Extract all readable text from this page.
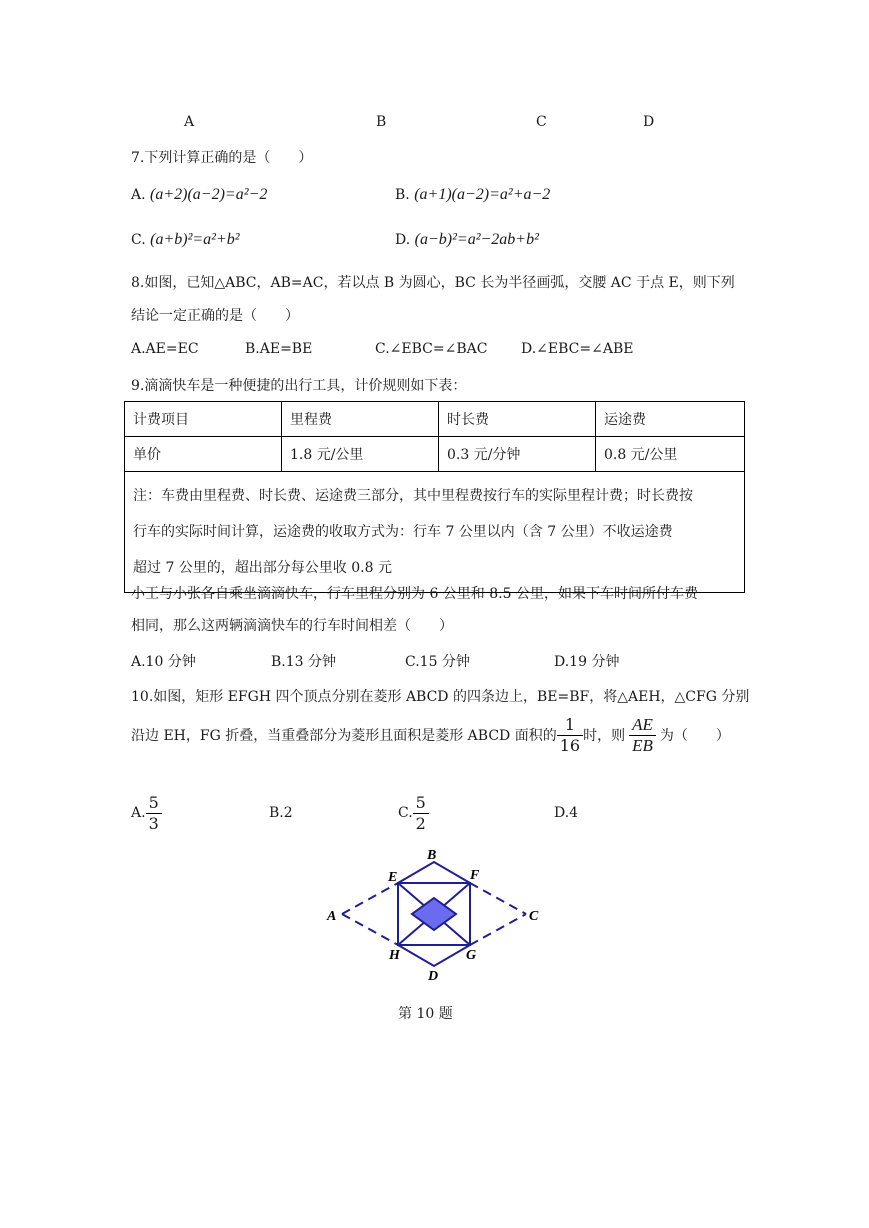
A	B	C	D
7.下列计算正确的是（　　）
A. (a+2)(a−2)=a²−2	B. (a+1)(a−2)=a²+a−2
C. (a+b)²=a²+b²	D. (a−b)²=a²−2ab+b²
8.如图，已知△ABC，AB=AC，若以点 B 为圆心，BC 长为半径画弧，交腰 AC 于点 E，则下列
结论一定正确的是（　　）
A.AE=EC	B.AE=BE	C.∠EBC=∠BAC D.∠EBC=∠ABE
9.滴滴快车是一种便捷的出行工具，计价规则如下表：
计费项目	里程费	时长费	运途费
单价	1.8 元/公里	0.3 元/分钟	0.8 元/公里

注：车费由里程费、时长费、运途费三部分，其中里程费按行车的实际里程计费；时长费按
行车的实际时间计算，运途费的收取方式为：行车 7 公里以内（含 7 公里）不收运途费
超过 7 公里的，超出部分每公里收 0.8 元			
小王与小张各自乘坐滴滴快车，行车里程分别为 6 公里和 8.5 公里，如果下车时间所付车费
相同，那么这两辆滴滴快车的行车时间相差（　　）
A.10 分钟	B.13 分钟	C.15 分钟	D.19 分钟
10.如图，矩形 EFGH 四个顶点分别在菱形 ABCD 的四条边上，BE=BF，将△AEH，△CFG 分别
沿边 EH，FG 折叠，当重叠部分为菱形且面积是菱形 ABCD 面积的 $\frac{1}{16}$ 时，则 $\frac{AE}{EB}$ 为（　　）
A. $\frac{5}{3}$	B.2	C. $\frac{5}{2}$	D.4
B
E	F
A	C
H	G
D
第 10 题
